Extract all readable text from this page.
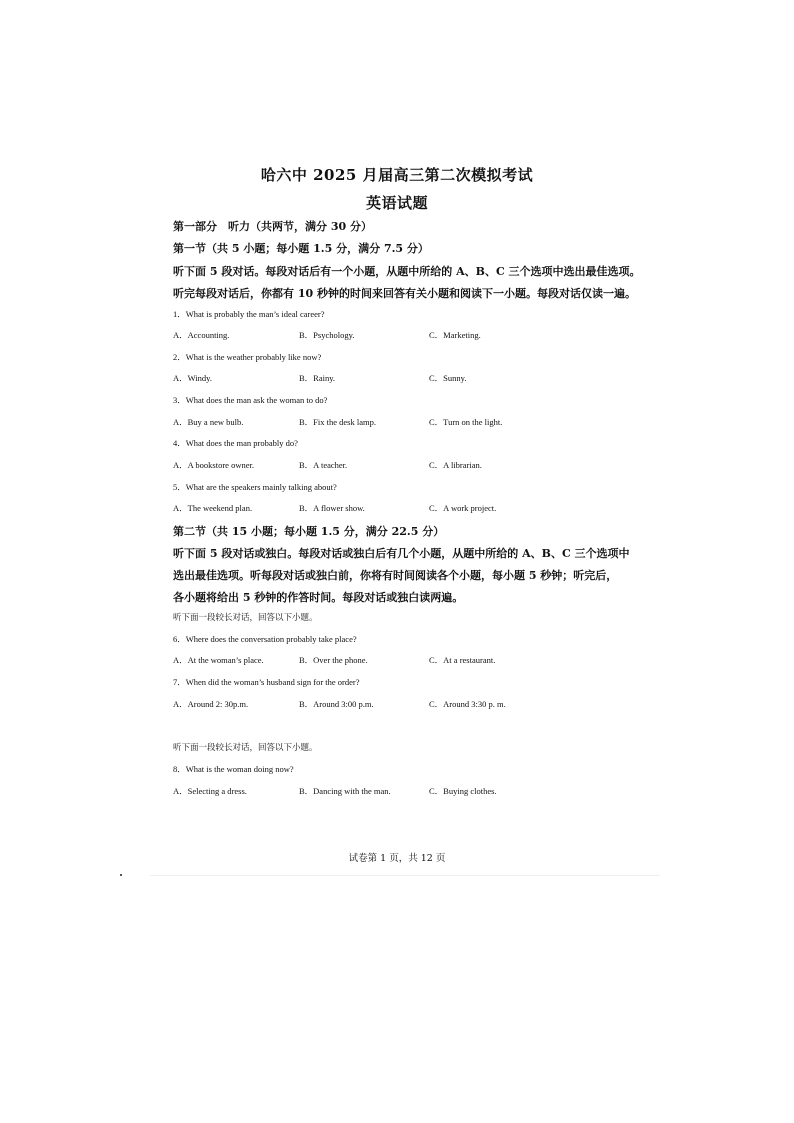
哈六中 2025 月届高三第二次模拟考试
英语试题
第一部分　听力（共两节，满分 30 分）
第一节（共 5 小题；每小题 1.5 分，满分 7.5 分）
听下面 5 段对话。每段对话后有一个小题，从题中所给的 A、B、C 三个选项中选出最佳选项。
听完每段对话后，你都有 10 秒钟的时间来回答有关小题和阅读下一小题。每段对话仅读一遍。
1．What is probably the man’s ideal career?
A．Accounting.	B．Psychology.	C．Marketing.
2．What is the weather probably like now?
A．Windy.	B．Rainy.	C．Sunny.
3．What does the man ask the woman to do?
A．Buy a new bulb.	B．Fix the desk lamp.	C．Turn on the light.
4．What does the man probably do?
A．A bookstore owner.	B．A teacher.	C．A librarian.
5．What are the speakers mainly talking about?
A．The weekend plan.	B．A flower show.	C．A work project.
第二节（共 15 小题；每小题 1.5 分，满分 22.5 分）
听下面 5 段对话或独白。每段对话或独白后有几个小题，从题中所给的 A、B、C 三个选项中
选出最佳选项。听每段对话或独白前，你将有时间阅读各个小题，每小题 5 秒钟；听完后，
各小题将给出 5 秒钟的作答时间。每段对话或独白读两遍。
听下面一段较长对话，回答以下小题。
6．Where does the conversation probably take place?
A．At the woman’s place.	B．Over the phone.	C．At a restaurant.
7．When did the woman’s husband sign for the order?
A．Around 2: 30p.m.	B．Around 3:00 p.m.	C．Around 3:30 p. m.
听下面一段较长对话，回答以下小题。
8．What is the woman doing now?
A．Selecting a dress.	B．Dancing with the man.	C．Buying clothes.
试卷第 1 页，共 12 页
